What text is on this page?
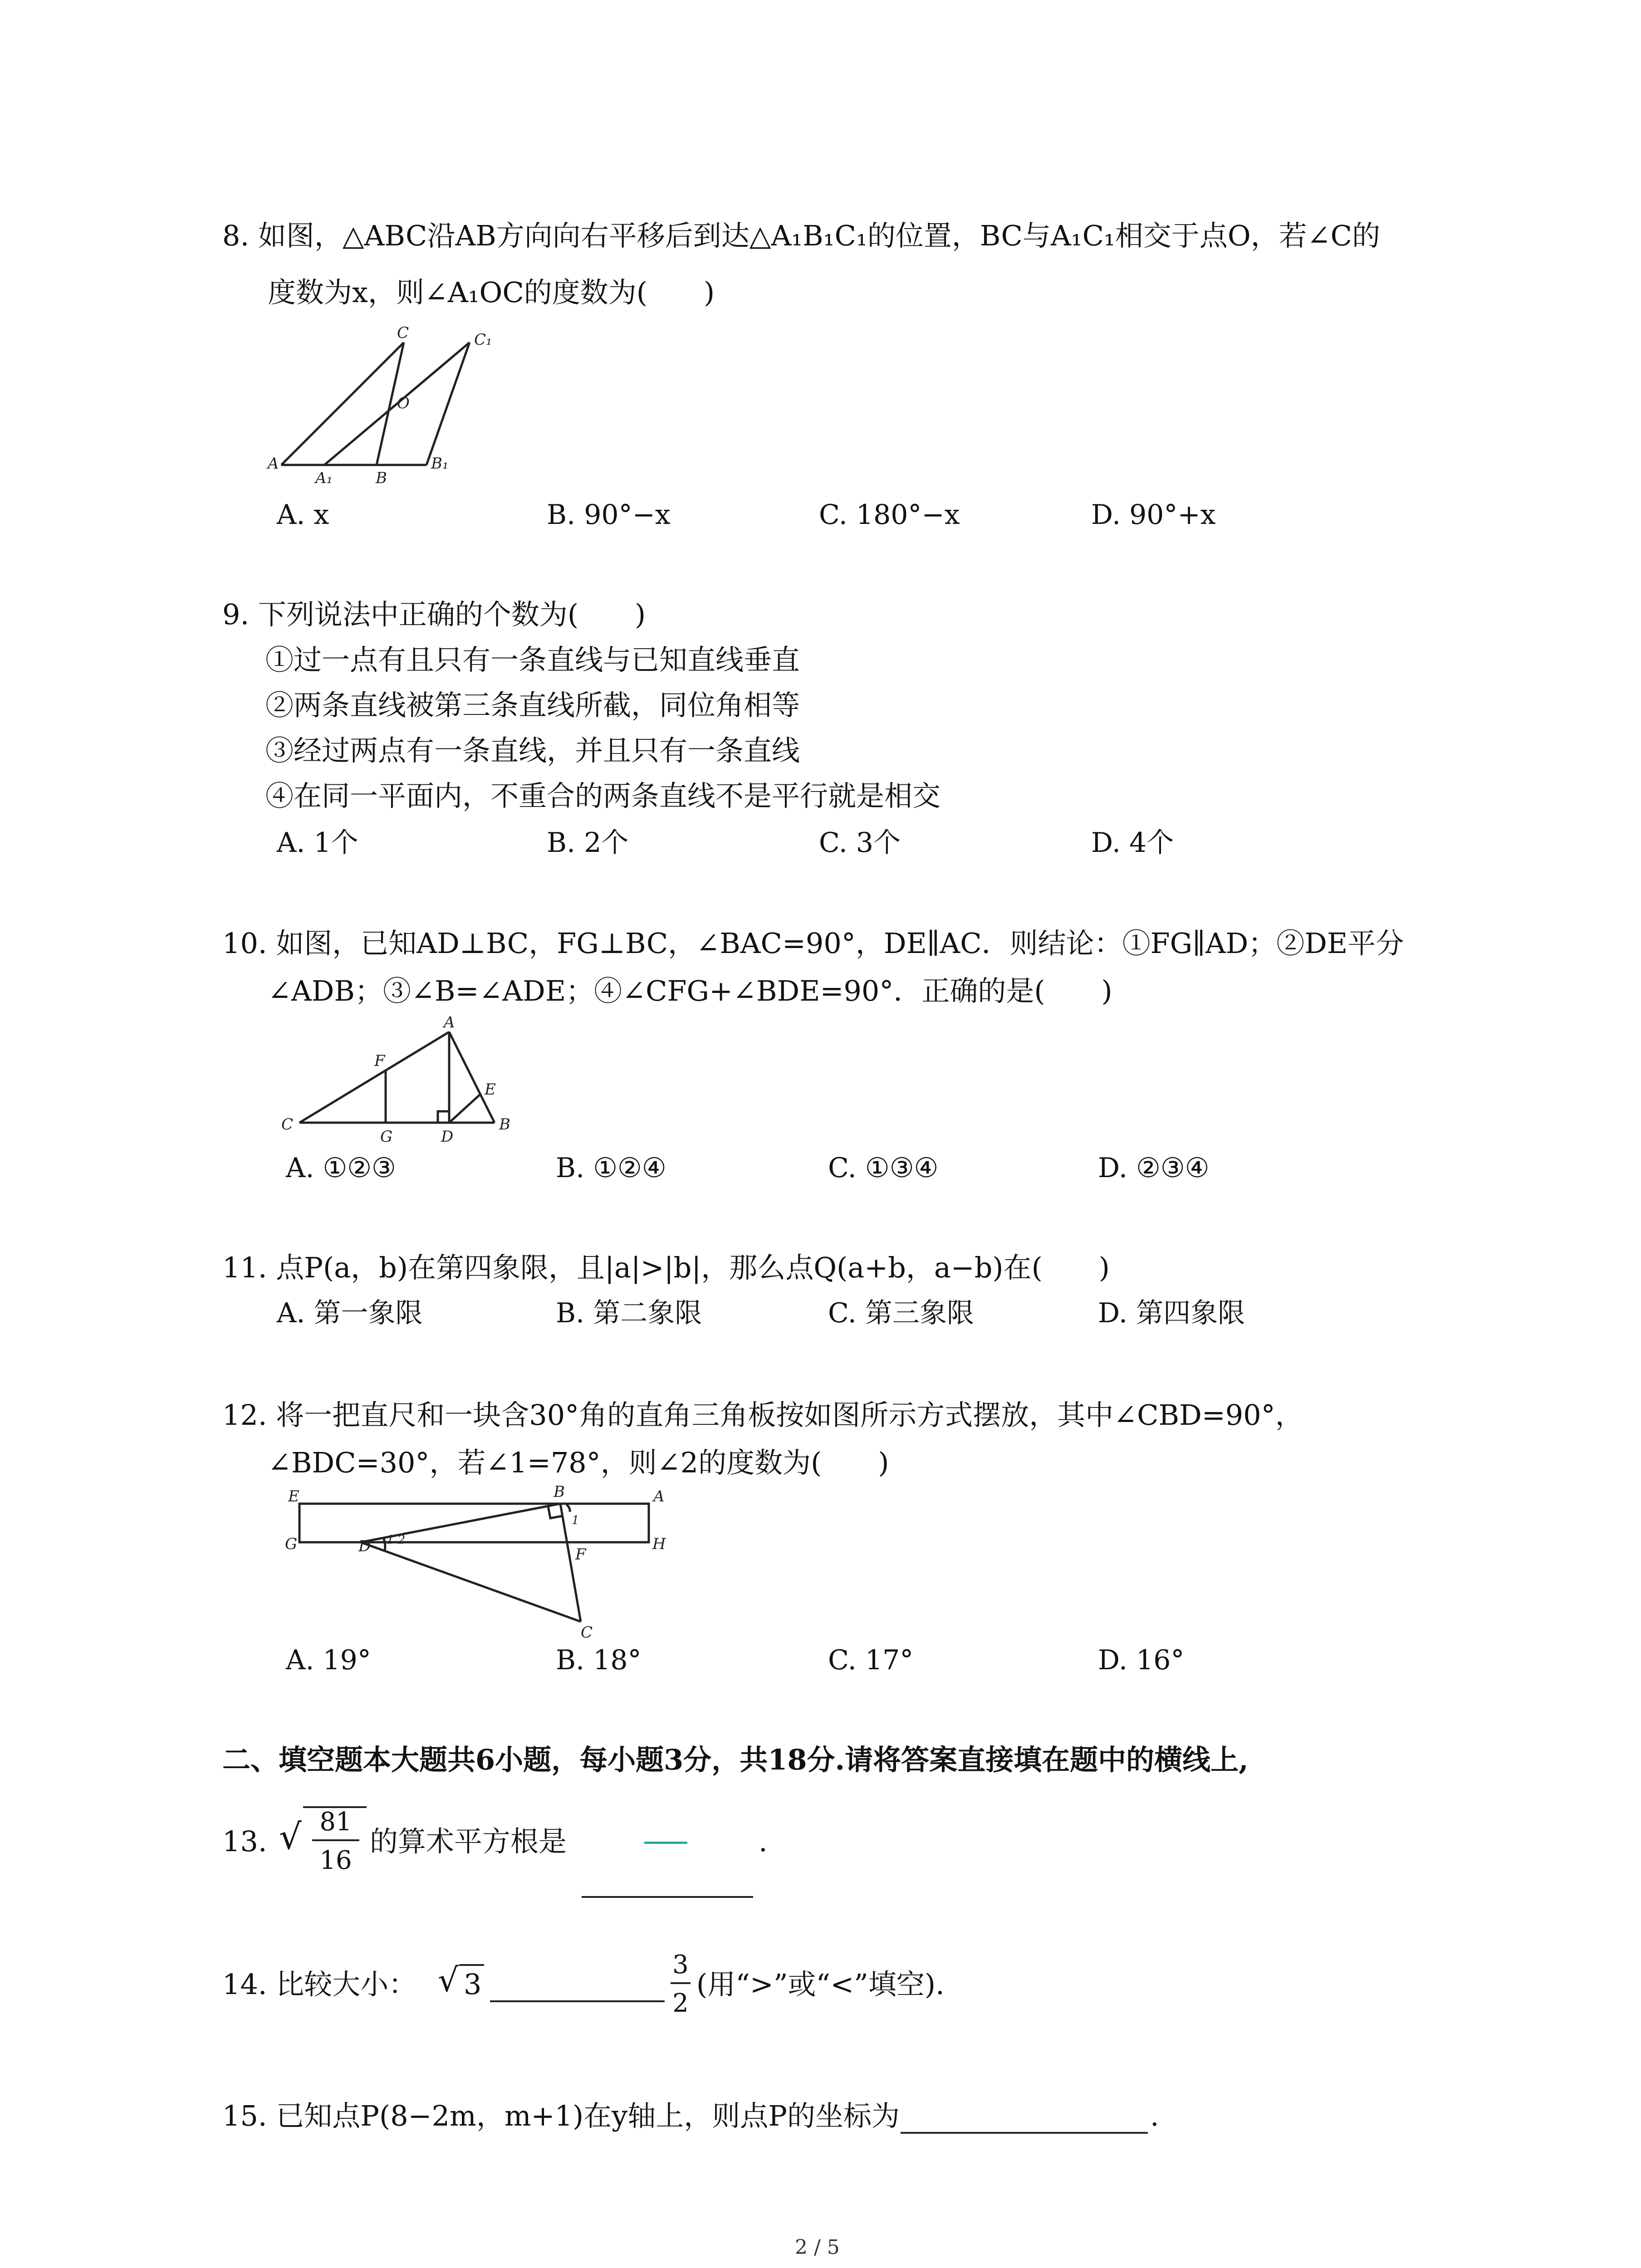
8. 如图，△ABC沿AB方向向右平移后到达△A₁B₁C₁的位置，BC与A₁C₁相交于点O，若∠C的
度数为x，则∠A₁OC的度数为(　　)
A
A₁	B
B₁
C	C₁
O
A. x	B. 90°−x	C. 180°−x	D. 90°+x
9. 下列说法中正确的个数为(　　)
①过一点有且只有一条直线与已知直线垂直
②两条直线被第三条直线所截，同位角相等
③经过两点有一条直线，并且只有一条直线
④在同一平面内，不重合的两条直线不是平行就是相交
A. 1个	B. 2个	C. 3个	D. 4个
10. 如图，已知AD⊥BC，FG⊥BC，∠BAC=90°，DE∥AC．则结论：①FG∥AD；②DE平分
∠ADB；③∠B=∠ADE；④∠CFG+∠BDE=90°．正确的是(　　)
A
B
C
D
E
F
G
A. ①②③	B. ①②④	C. ①③④	D. ②③④
11. 点P(a，b)在第四象限，且|a|>|b|，那么点Q(a+b，a−b)在(　　)
A. 第一象限	B. 第二象限	C. 第三象限	D. 第四象限
12. 将一把直尺和一块含30°角的直角三角板按如图所示方式摆放，其中∠CBD=90°，
∠BDC=30°，若∠1=78°，则∠2的度数为(　　)
E	A
B
G	D	H
F
C
1
1 2
A. 19°	B. 18°	C. 17°	D. 16°
二、填空题本大题共6小题，每小题3分，共18分.请将答案直接填在题中的横线上,
13. √ 81
16
的算术平方根是	.
14. 比较大小： √ 3
3
2
(用“>”或“<”填空).
15. 已知点P(8−2m，m+1)在y轴上，则点P的坐标为	.
2 / 5
